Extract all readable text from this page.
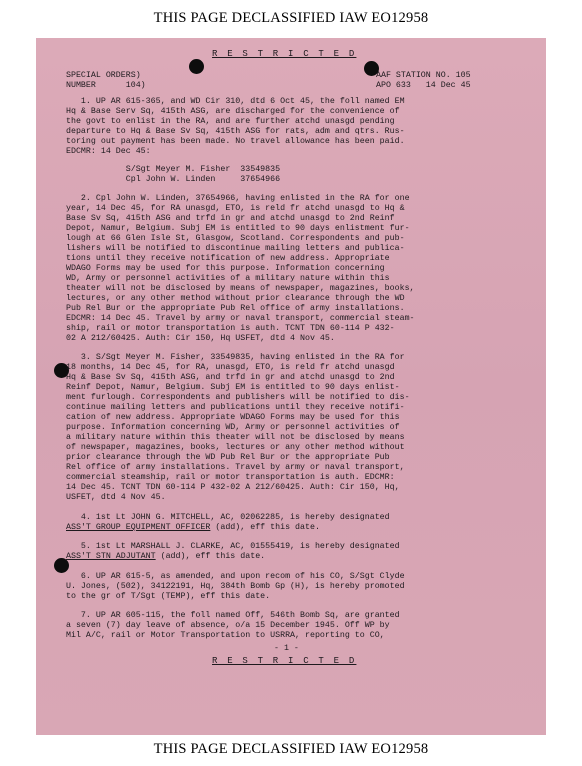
THIS PAGE DECLASSIFIED IAW EO12958
R E S T R I C T E D
SPECIAL ORDERS)
NUMBER      104)
AAF STATION NO. 105
APO 633   14 Dec 45
1. UP AR 615-365, and WD Cir 310, dtd 6 Oct 45, the foll named EM
Hq & Base Serv Sq, 415th ASG, are discharged for the convenience of
the govt to enlist in the RA, and are further atchd unasgd pending
departure to Hq & Base Sv Sq, 415th ASG for rats, adm and qtrs. Rus-
toring out payment has been made. No travel allowance has been paid.
EDCMR: 14 Dec 45:
S/Sgt Meyer M. Fisher  33549835
Cpl John W. Linden     37654966
2. Cpl John W. Linden, 37654966, having enlisted in the RA for one
year, 14 Dec 45, for RA unasgd, ETO, is reld fr atchd unasgd to Hq &
Base Sv Sq, 415th ASG and trfd in gr and atchd unasgd to 2nd Reinf
Depot, Namur, Belgium. Subj EM is entitled to 90 days enlistment fur-
lough at 66 Glen Isle St, Glasgow, Scotland. Correspondents and pub-
lishers will be notified to discontinue mailing letters and publica-
tions until they receive notification of new address. Appropriate
WDAGO Forms may be used for this purpose. Information concerning
WD, Army or personnel activities of a military nature within this
theater will not be disclosed by means of newspaper, magazines, books,
lectures, or any other method without prior clearance through the WD
Pub Rel Bur or the appropriate Pub Rel office of army installations.
EDCMR: 14 Dec 45. Travel by army or naval transport, commercial steam-
ship, rail or motor transportation is auth. TCNT TDN 60-114 P 432-
02 A 212/60425. Auth: Cir 150, Hq USFET, dtd 4 Nov 45.
3. S/Sgt Meyer M. Fisher, 33549835, having enlisted in the RA for
18 months, 14 Dec 45, for RA, unasgd, ETO, is reld fr atchd unasgd
Hq & Base Sv Sq, 415th ASG, and trfd in gr and atchd unasgd to 2nd
Reinf Depot, Namur, Belgium. Subj EM is entitled to 90 days enlist-
ment furlough. Correspondents and publishers will be notified to dis-
continue mailing letters and publications until they receive notifi-
cation of new address. Appropriate WDAGO Forms may be used for this
purpose. Information concerning WD, Army or personnel activities of
a military nature within this theater will not be disclosed by means
of newspaper, magazines, books, lectures or any other method without
prior clearance through the WD Pub Rel Bur or the appropriate Pub
Rel office of army installations. Travel by army or naval transport,
commercial steamship, rail or motor transportation is auth. EDCMR:
14 Dec 45. TCNT TDN 60-114 P 432-02 A 212/60425. Auth: Cir 150, Hq,
USFET, dtd 4 Nov 45.
4. 1st Lt JOHN G. MITCHELL, AC, 02062285, is hereby designated
ASS'T GROUP EQUIPMENT OFFICER (add), eff this date.
5. 1st Lt MARSHALL J. CLARKE, AC, 01555419, is hereby designated
ASS'T STN ADJUTANT (add), eff this date.
6. UP AR 615-5, as amended, and upon recom of his CO, S/Sgt Clyde
U. Jones, (502), 34122191, Hq, 384th Bomb Gp (H), is hereby promoted
to the gr of T/Sgt (TEMP), eff this date.
7. UP AR 605-115, the foll named Off, 546th Bomb Sq, are granted
a seven (7) day leave of absence, o/a 15 December 1945. Off WP by
Mil A/C, rail or Motor Transportation to USRRA, reporting to CO,
- 1 -
R E S T R I C T E D
THIS PAGE DECLASSIFIED IAW EO12958
